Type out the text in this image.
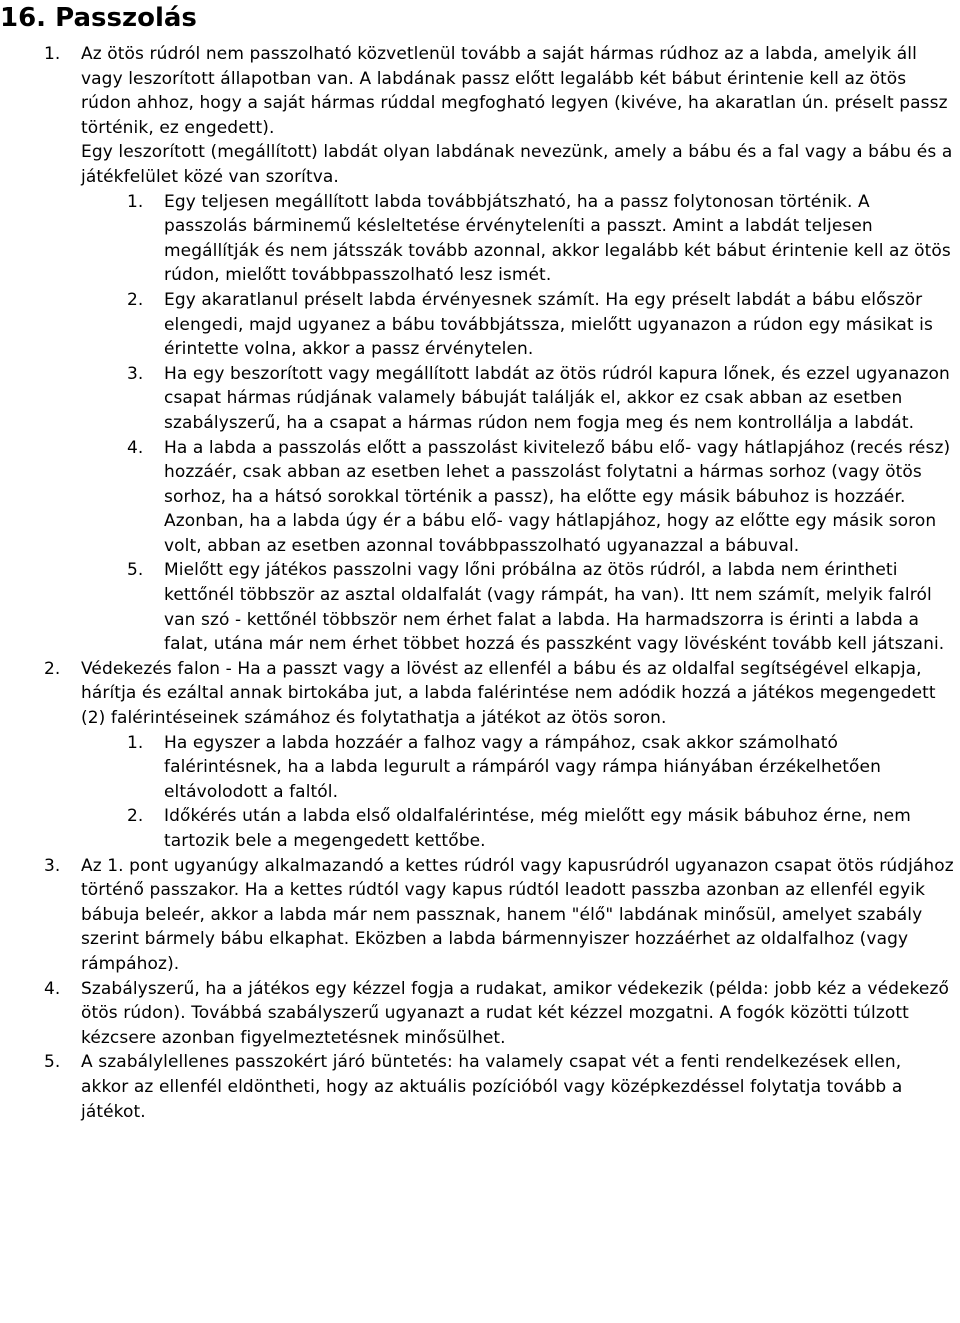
16. Passzolás
1. Az ötös rúdról nem passzolható közvetlenül tovább a saját hármas rúdhoz az a labda, amelyik áll vagy leszorított állapotban van. A labdának passz előtt legalább két bábut érintenie kell az ötös rúdon ahhoz, hogy a saját hármas rúddal megfogható legyen (kivéve, ha akaratlan ún. préselt passz történik, ez engedett).
Egy leszorított (megállított) labdát olyan labdának nevezünk, amely a bábu és a fal vagy a bábu és a játékfelület közé van szorítva.
1. Egy teljesen megállított labda továbbjátszható, ha a passz folytonosan történik. A passzolás bárminemű késleltetése érvényteleníti a passzt. Amint a labdát teljesen megállítják és nem játsszák tovább azonnal, akkor legalább két bábut érintenie kell az ötös rúdon, mielőtt továbbpasszolható lesz ismét.
2. Egy akaratlanul préselt labda érvényesnek számít. Ha egy préselt labdát a bábu először elengedi, majd ugyanez a bábu továbbjátssza, mielőtt ugyanazon a rúdon egy másikat is érintette volna, akkor a passz érvénytelen.
3. Ha egy beszorított vagy megállított labdát az ötös rúdról kapura lőnek, és ezzel ugyanazon csapat hármas rúdjának valamely bábuját találják el, akkor ez csak abban az esetben szabályszerű, ha a csapat a hármas rúdon nem fogja meg és nem kontrollálja a labdát.
4. Ha a labda a passzolás előtt a passzolást kivitelező bábu elő- vagy hátlapjához (recés rész) hozzáér, csak abban az esetben lehet a passzolást folytatni a hármas sorhoz (vagy ötös sorhoz, ha a hátsó sorokkal történik a passz), ha előtte egy másik bábuhoz is hozzáér. Azonban, ha a labda úgy ér a bábu elő- vagy hátlapjához, hogy az előtte egy másik soron volt, abban az esetben azonnal továbbpasszolható ugyanazzal a bábuval.
5. Mielőtt egy játékos passzolni vagy lőni próbálna az ötös rúdról, a labda nem érintheti kettőnél többször az asztal oldalfalát (vagy rámpát, ha van). Itt nem számít, melyik falról van szó - kettőnél többször nem érhet falat a labda. Ha harmadszorra is érinti a labda a falat, utána már nem érhet többet hozzá és passzként vagy lövésként tovább kell játszani.
2. Védekezés falon - Ha a passzt vagy a lövést az ellenfél a bábu és az oldalfal segítségével elkapja, hárítja és ezáltal annak birtokába jut, a labda falérintése nem adódik hozzá a játékos megengedett (2) falérintéseinek számához és folytathatja a játékot az ötös soron.
1. Ha egyszer a labda hozzáér a falhoz vagy a rámpához, csak akkor számolható falérintésnek, ha a labda legurult a rámpáról vagy rámpa hiányában érzékelhetően eltávolodott a faltól.
2. Időkérés után a labda első oldalfalérintése, még mielőtt egy másik bábuhoz érne, nem tartozik bele a megengedett kettőbe.
3. Az 1. pont ugyanúgy alkalmazandó a kettes rúdról vagy kapusrúdról ugyanazon csapat ötös rúdjához történő passzakor. Ha a kettes rúdtól vagy kapus rúdtól leadott passzba azonban az ellenfél egyik bábuja beleér, akkor a labda már nem passznak, hanem "élő" labdának minősül, amelyet szabály szerint bármely bábu elkaphat. Eközben a labda bármennyiszer hozzáérhet az oldalfalhoz (vagy rámpához).
4. Szabályszerű, ha a játékos egy kézzel fogja a rudakat, amikor védekezik (példa: jobb kéz a védekező ötös rúdon). Továbbá szabályszerű ugyanazt a rudat két kézzel mozgatni. A fogók közötti túlzott kézcsere azonban figyelmeztetésnek minősülhet.
5. A szabálylellenes passzokért járó büntetés: ha valamely csapat vét a fenti rendelkezések ellen, akkor az ellenfél eldöntheti, hogy az aktuális pozícióból vagy középkezdéssel folytatja tovább a játékot.
